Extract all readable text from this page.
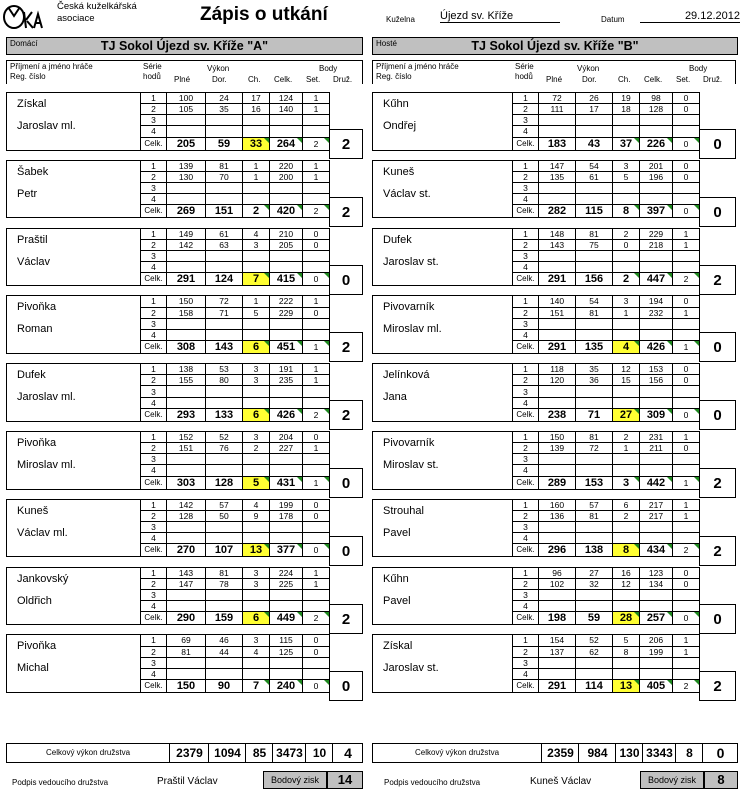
Česká kuželkářská
asociace	Zápis o utkání	Kuželna Újezd sv. Kříže	Datum	29.12.2012
Domácí	TJ Sokol Újezd sv. Kříže "A"	Hosté	TJ Sokol Újezd sv. Kříže "B"
Příjmení a jméno hráče
Reg. číslo
Série
hodů
Výkon
Plné	Dor.	Ch. Celk.
Body
Set. Druž.
Příjmení a jméno hráče
Reg. číslo
Série
hodů
Výkon
Plné Dor.	Ch. Celk.
Body
Set. Druž.
Získal
Jaroslav ml.	1	100	24	17	124	1
	2	105	35	16	140	1
	3					
	4					
	Celk.	205	59	33	264	2	2
Šabek
Petr	1	139	81	1	220	1
	2	130	70	1	200	1
	3					
	4					
	Celk.	269	151	2	420	2	2
Praštil
Václav	1	149	61	4	210	0
	2	142	63	3	205	0
	3					
	4					
	Celk.	291	124	7	415	0	0
Pivoňka
Roman	1	150	72	1	222	1
	2	158	71	5	229	0
	3					
	4					
	Celk.	308	143	6	451	1	2
Dufek
Jaroslav ml.	1	138	53	3	191	1
	2	155	80	3	235	1
	3					
	4					
	Celk.	293	133	6	426	2	2
Pivoňka
Miroslav ml.	1	152	52	3	204	0
	2	151	76	2	227	1
	3					
	4					
	Celk.	303	128	5	431	1	0
Kuneš
Václav ml.	1	142	57	4	199	0
	2	128	50	9	178	0
	3					
	4					
	Celk.	270	107	13	377	0	0
Jankovský
Oldřich	1	143	81	3	224	1
	2	147	78	3	225	1
	3					
	4					
	Celk.	290	159	6	449	2	2
Pivoňka
Michal	1	69	46	3	115	0
	2	81	44	4	125	0
	3					
	4					
	Celk.	150	90	7	240	0	0
Kűhn
Ondřej	1	72	26	19	98	0
	2	111	17	18	128	0
	3					
	4					
	Celk.	183	43	37	226	0	0
Kuneš
Václav st.	1	147	54	3	201	0
	2	135	61	5	196	0
	3					
	4					
	Celk.	282	115	8	397	0	0
Dufek
Jaroslav st.	1	148	81	2	229	1
	2	143	75	0	218	1
	3					
	4					
	Celk.	291	156	2	447	2	2
Pivovarník
Miroslav ml.	1	140	54	3	194	0
	2	151	81	1	232	1
	3					
	4					
	Celk.	291	135	4	426	1	0
Jelínková
Jana	1	118	35	12	153	0
	2	120	36	15	156	0
	3					
	4					
	Celk.	238	71	27	309	0	0
Pivovarník
Miroslav st.	1	150	81	2	231	1
	2	139	72	1	211	0
	3					
	4					
	Celk.	289	153	3	442	1	2
Strouhal
Pavel	1	160	57	6	217	1
	2	136	81	2	217	1
	3					
	4					
	Celk.	296	138	8	434	2	2
Kűhn
Pavel	1	96	27	16	123	0
	2	102	32	12	134	0
	3					
	4					
	Celk.	198	59	28	257	0	0
Získal
Jaroslav st.	1	154	52	5	206	1
	2	137	62	8	199	1
	3					
	4					
	Celk.	291	114	13	405	2	2
Celkový výkon družstva	2379 1094 85 3473 10	4	Celkový výkon družstva	2359	984 130 3343	8	0
Podpis vedoucího družstva	Praštil Václav	Bodový zisk	14	Podpis vedoucího družstva	Kuneš Václav	Bodový zisk	8
